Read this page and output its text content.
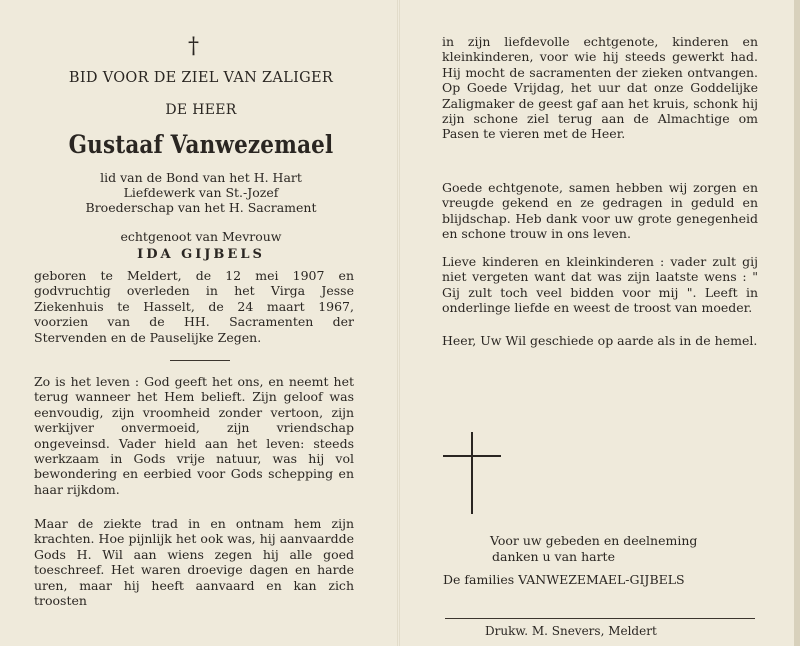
†
BID VOOR DE ZIEL VAN ZALIGER
DE HEER
Gustaaf Vanwezemael
lid van de Bond van het H. Hart
Liefdewerk van St.-Jozef
Broederschap van het H. Sacrament
echtgenoot van Mevrouw
IDA GIJBELS
geboren te Meldert, de 12 mei 1907 en godvruchtig overleden in het Virga Jesse Ziekenhuis te Hasselt, de 24 maart 1967, voorzien van de HH. Sacramenten der Stervenden en de Pauselijke Zegen.
Zo is het leven : God geeft het ons, en neemt het terug wanneer het Hem belieft. Zijn geloof was eenvoudig, zijn vroomheid zonder vertoon, zijn werkijver onvermoeid, zijn vriendschap ongeveinsd. Vader hield aan het leven: steeds werkzaam in Gods vrije natuur, was hij vol bewondering en eerbied voor Gods schepping en haar rijkdom.
Maar de ziekte trad in en ontnam hem zijn krachten. Hoe pijnlijk het ook was, hij aanvaardde Gods H. Wil aan wiens zegen hij alle goed toeschreef. Het waren droevige dagen en harde uren, maar hij heeft aanvaard en kan zich troosten
in zijn liefdevolle echtgenote, kinderen en kleinkinderen, voor wie hij steeds gewerkt had. Hij mocht de sacramenten der zieken ontvangen. Op Goede Vrijdag, het uur dat onze Goddelijke Zaligmaker de geest gaf aan het kruis, schonk hij zijn schone ziel terug aan de Almachtige om Pasen te vieren met de Heer.
Goede echtgenote, samen hebben wij zorgen en vreugde gekend en ze gedragen in geduld en blijdschap. Heb dank voor uw grote genegenheid en schone trouw in ons leven.
Lieve kinderen en kleinkinderen : vader zult gij niet vergeten want dat was zijn laatste wens : " Gij zult toch veel bidden voor mij ". Leeft in onderlinge liefde en weest de troost van moeder.
Heer, Uw Wil geschiede op aarde als in de hemel.
Voor uw gebeden en deelneming
danken u van harte
De families VANWEZEMAEL-GIJBELS
Drukw. M. Snevers, Meldert
